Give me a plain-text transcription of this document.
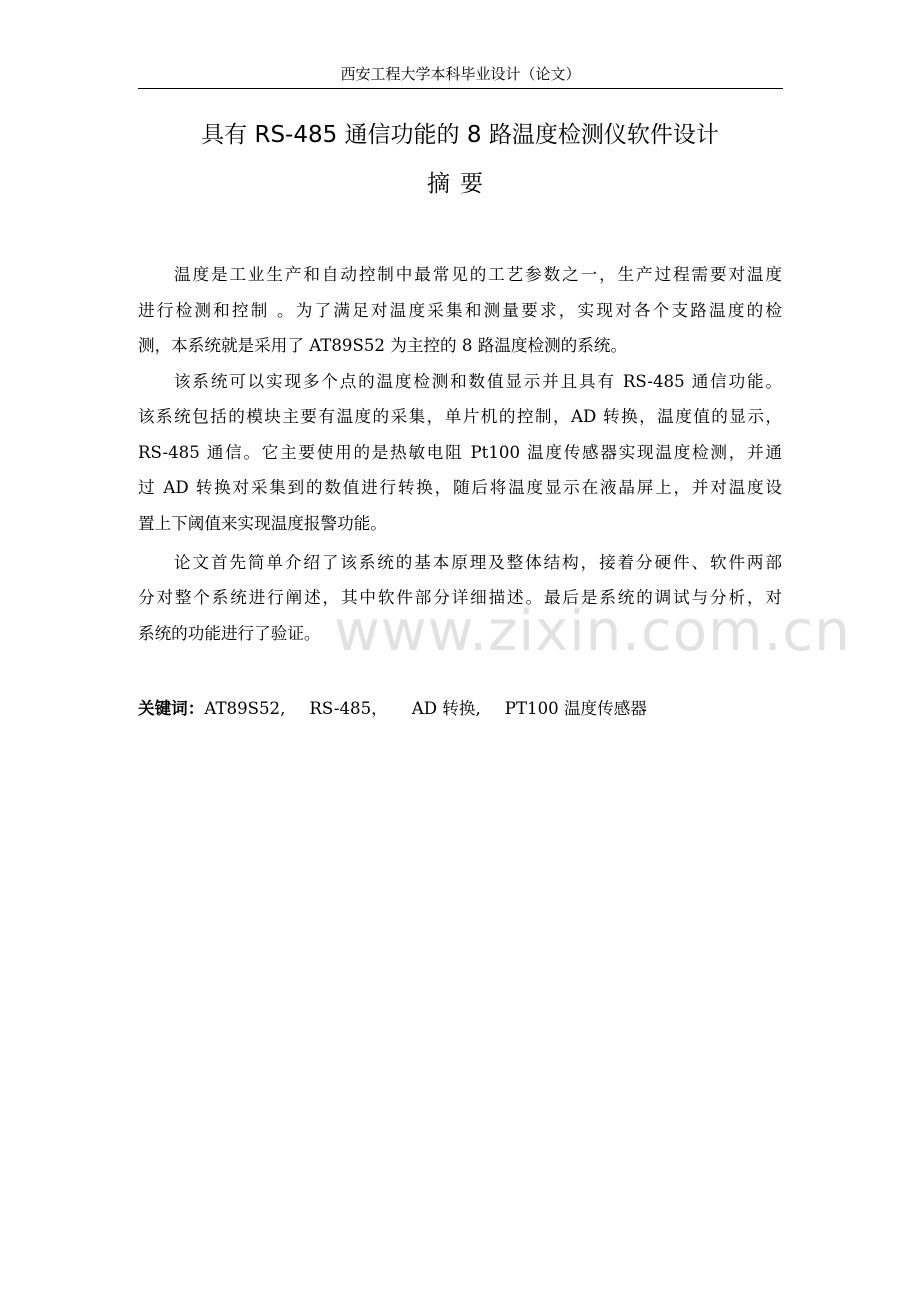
西安工程大学本科毕业设计（论文）
具有 RS-485 通信功能的 8 路温度检测仪软件设计
摘要
温度是工业生产和自动控制中最常见的工艺参数之一，生产过程需要对温度
进行检测和控制 。为了满足对温度采集和测量要求，实现对各个支路温度的检
测，本系统就是采用了 AT89S52 为主控的 8 路温度检测的系统。
该系统可以实现多个点的温度检测和数值显示并且具有 RS-485 通信功能。
该系统包括的模块主要有温度的采集，单片机的控制，AD 转换，温度值的显示，
RS-485 通信。它主要使用的是热敏电阻 Pt100 温度传感器实现温度检测，并通
过 AD 转换对采集到的数值进行转换，随后将温度显示在液晶屏上，并对温度设
置上下阈值来实现温度报警功能。
论文首先简单介绍了该系统的基本原理及整体结构，接着分硬件、软件两部
分对整个系统进行阐述，其中软件部分详细描述。最后是系统的调试与分析，对
系统的功能进行了验证。 www.zixin.com.cn
关键词：AT89S52, RS-485， AD 转换, PT100 温度传感器
